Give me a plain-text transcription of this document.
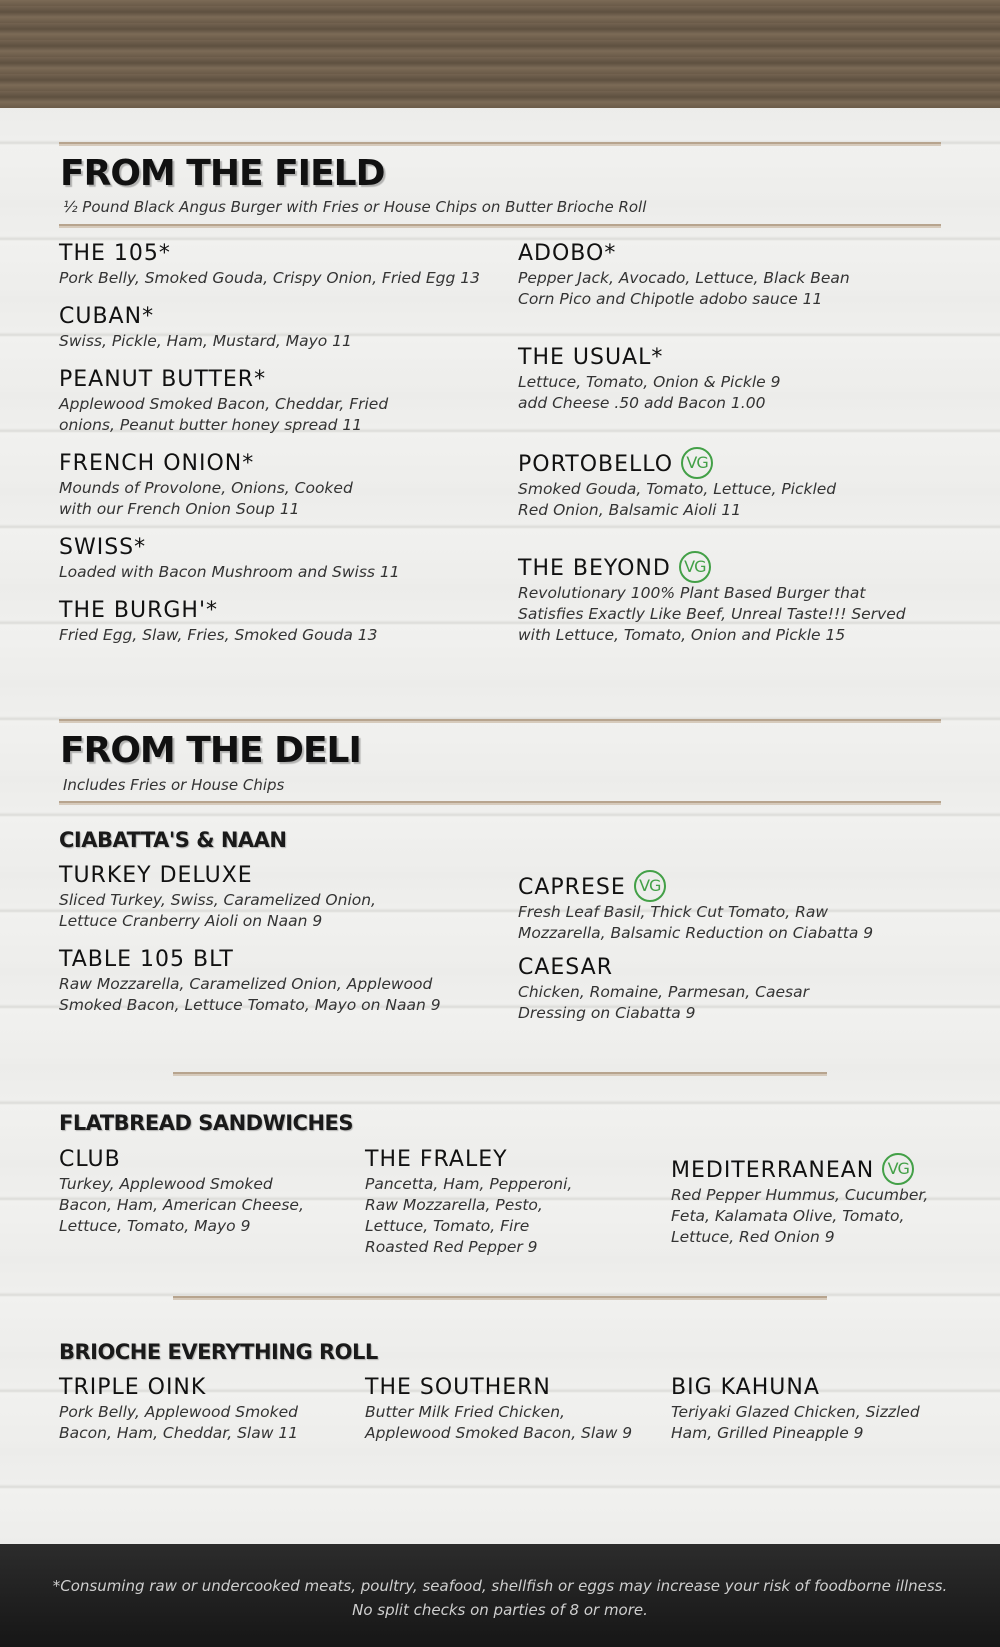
FROM THE FIELD
½ Pound Black Angus Burger with Fries or House Chips on Butter Brioche Roll
THE 105*
Pork Belly, Smoked Gouda, Crispy Onion, Fried Egg 13
CUBAN*
Swiss, Pickle, Ham, Mustard, Mayo 11
PEANUT BUTTER*
Applewood Smoked Bacon, Cheddar, Fried
onions, Peanut butter honey spread 11
FRENCH ONION*
Mounds of Provolone, Onions, Cooked
with our French Onion Soup 11
SWISS*
Loaded with Bacon Mushroom and Swiss 11
THE BURGH'*
Fried Egg, Slaw, Fries, Smoked Gouda 13
ADOBO*
Pepper Jack, Avocado, Lettuce, Black Bean
Corn Pico and Chipotle adobo sauce 11
THE USUAL*
Lettuce, Tomato, Onion & Pickle 9
add Cheese .50 add Bacon 1.00
PORTOBELLO VG
Smoked Gouda, Tomato, Lettuce, Pickled
Red Onion, Balsamic Aioli 11
THE BEYOND VG
Revolutionary 100% Plant Based Burger that
Satisfies Exactly Like Beef, Unreal Taste!!! Served
with Lettuce, Tomato, Onion and Pickle 15
FROM THE DELI
Includes Fries or House Chips
CIABATTA'S & NAAN
TURKEY DELUXE
Sliced Turkey, Swiss, Caramelized Onion,
Lettuce Cranberry Aioli on Naan 9
TABLE 105 BLT
Raw Mozzarella, Caramelized Onion, Applewood
Smoked Bacon, Lettuce Tomato, Mayo on Naan 9
CAPRESE VG
Fresh Leaf Basil, Thick Cut Tomato, Raw
Mozzarella, Balsamic Reduction on Ciabatta 9
CAESAR
Chicken, Romaine, Parmesan, Caesar
Dressing on Ciabatta 9
FLATBREAD SANDWICHES
CLUB
Turkey, Applewood Smoked
Bacon, Ham, American Cheese,
Lettuce, Tomato, Mayo 9
THE FRALEY
Pancetta, Ham, Pepperoni,
Raw Mozzarella, Pesto,
Lettuce, Tomato, Fire
Roasted Red Pepper 9
MEDITERRANEAN VG
Red Pepper Hummus, Cucumber,
Feta, Kalamata Olive, Tomato,
Lettuce, Red Onion 9
BRIOCHE EVERYTHING ROLL
TRIPLE OINK
Pork Belly, Applewood Smoked
Bacon, Ham, Cheddar, Slaw 11
THE SOUTHERN
Butter Milk Fried Chicken,
Applewood Smoked Bacon, Slaw 9
BIG KAHUNA
Teriyaki Glazed Chicken, Sizzled
Ham, Grilled Pineapple 9
*Consuming raw or undercooked meats, poultry, seafood, shellfish or eggs may increase your risk of foodborne illness.
No split checks on parties of 8 or more.
